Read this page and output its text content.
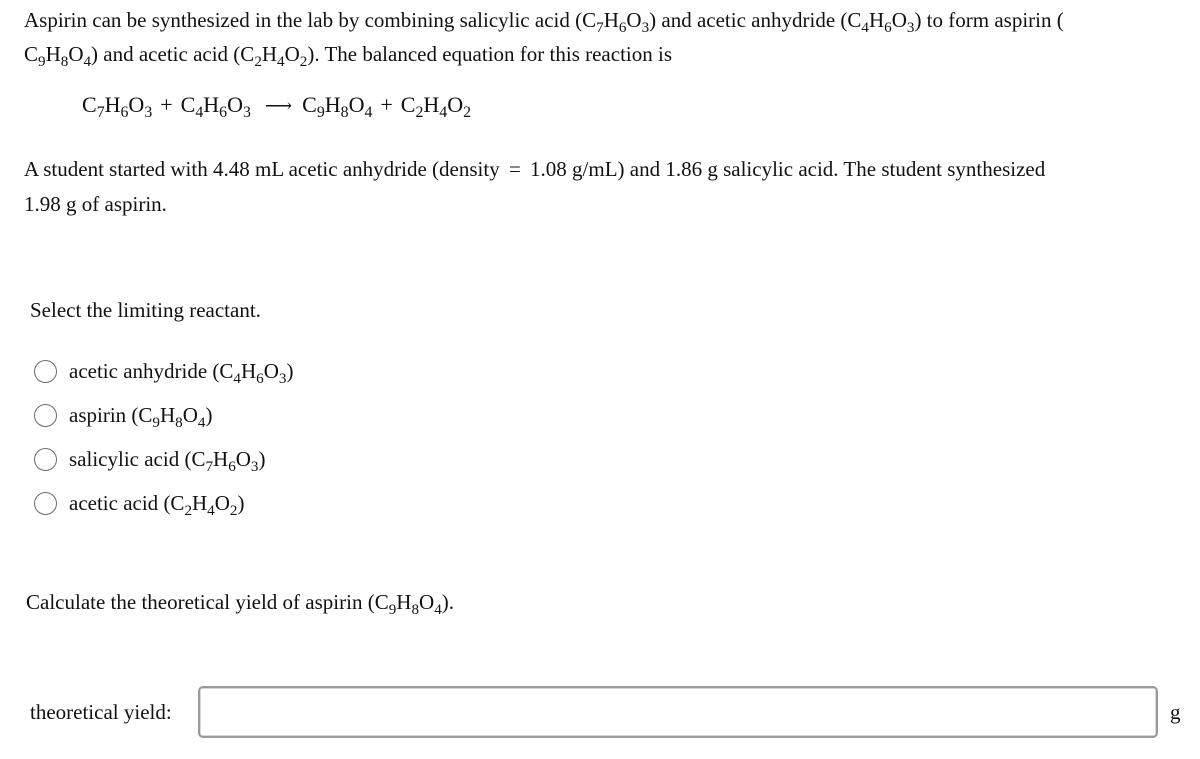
Aspirin can be synthesized in the lab by combining salicylic acid $(C_7H_6O_3)$ and acetic anhydride $(C_4H_6O_3)$ to form aspirin (
$C_9H_8O_4$) and acetic acid $(C_2H_4O_2)$. The balanced equation for this reaction is
$C_7H_6O_3 + C_4H_6O_3$ ⟶ $C_9H_8O_4 + C_2H_4O_2$
A student started with 4.48 mL acetic anhydride (density = 1.08 g/mL) and 1.86 g salicylic acid. The student synthesized
1.98 g of aspirin.
Select the limiting reactant.
acetic anhydride $(C_4H_6O_3)$
aspirin $(C_9H_8O_4)$
salicylic acid $(C_7H_6O_3)$
acetic acid $(C_2H_4O_2)$
Calculate the theoretical yield of aspirin $(C_9H_8O_4)$.
theoretical yield:	g
